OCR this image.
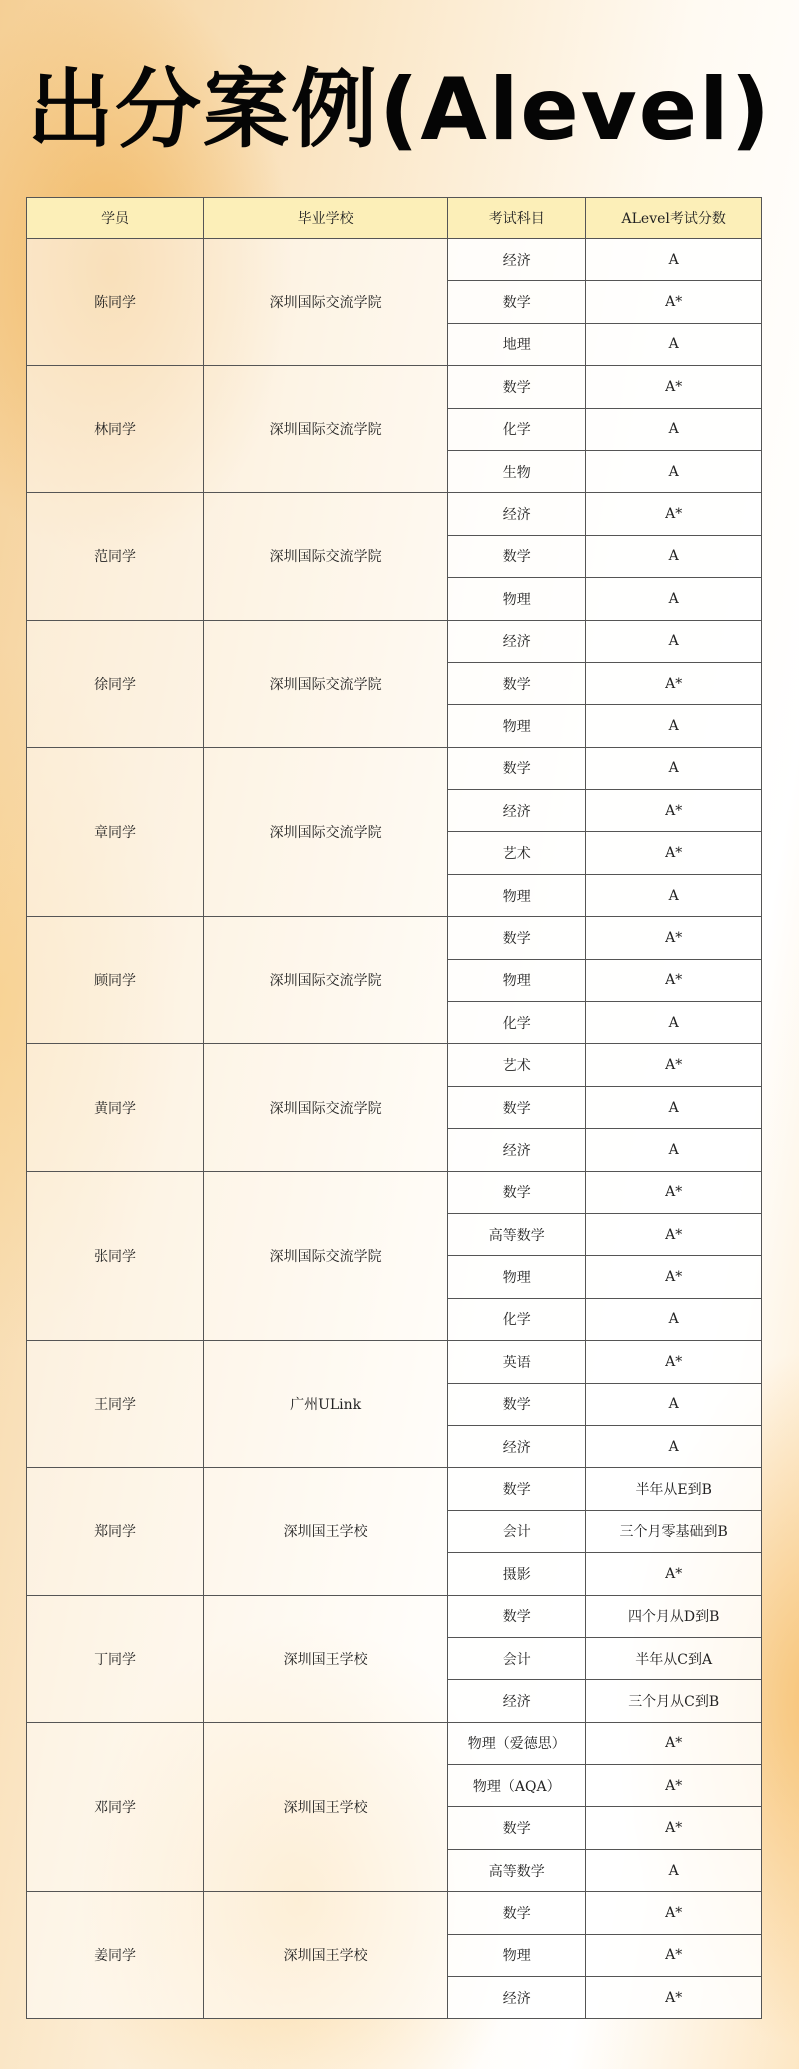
出分案例(Alevel)
学员	毕业学校	考试科目	ALevel考试分数
陈同学	深圳国际交流学院	经济	A
		数学	A*
		地理	A
林同学	深圳国际交流学院	数学	A*
		化学	A
		生物	A
范同学	深圳国际交流学院	经济	A*
		数学	A
		物理	A
徐同学	深圳国际交流学院	经济	A
		数学	A*
		物理	A
章同学	深圳国际交流学院	数学	A
		经济	A*
		艺术	A*
		物理	A
顾同学	深圳国际交流学院	数学	A*
		物理	A*
		化学	A
黄同学	深圳国际交流学院	艺术	A*
		数学	A
		经济	A
张同学	深圳国际交流学院	数学	A*
		高等数学	A*
		物理	A*
		化学	A
王同学	广州ULink	英语	A*
		数学	A
		经济	A
郑同学	深圳国王学校	数学	半年从E到B
		会计	三个月零基础到B
		摄影	A*
丁同学	深圳国王学校	数学	四个月从D到B
		会计	半年从C到A
		经济	三个月从C到B
邓同学	深圳国王学校	物理（爱德思）	A*
		物理（AQA）	A*
		数学	A*
		高等数学	A
姜同学	深圳国王学校	数学	A*
		物理	A*
		经济	A*
